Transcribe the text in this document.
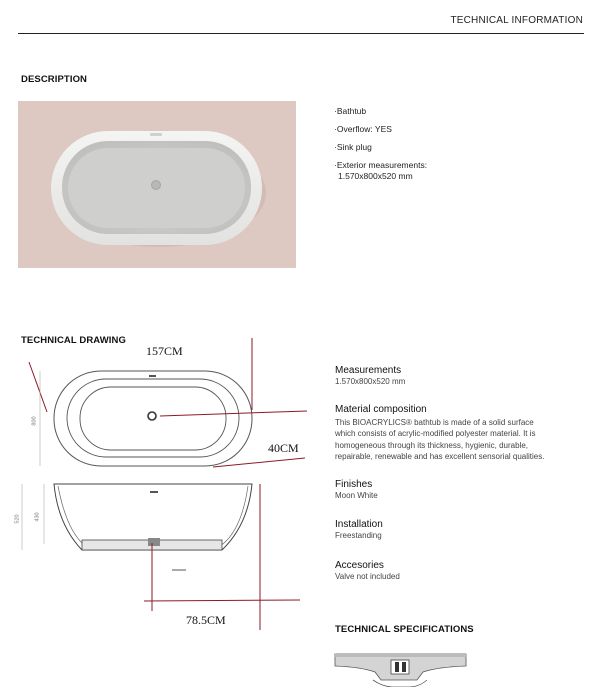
TECHNICAL INFORMATION
DESCRIPTION
·Bathtub
·Overflow: YES
·Sink plug
·Exterior measurements:
1.570x800x520 mm
TECHNICAL DRAWING
157CM
40CM
78.5CM
800
520	430
Measurements
1.570x800x520 mm
Material composition
This BIOACRYLICS® bathtub is made of a solid surface
which consists of acrylic-modified polyester material. It is
homogeneous through its thickness, hygienic, durable,
repairable, renewable and has excellent sensorial qualities.
Finishes
Moon White
Installation
Freestanding
Accesories
Valve not included
TECHNICAL SPECIFICATIONS
